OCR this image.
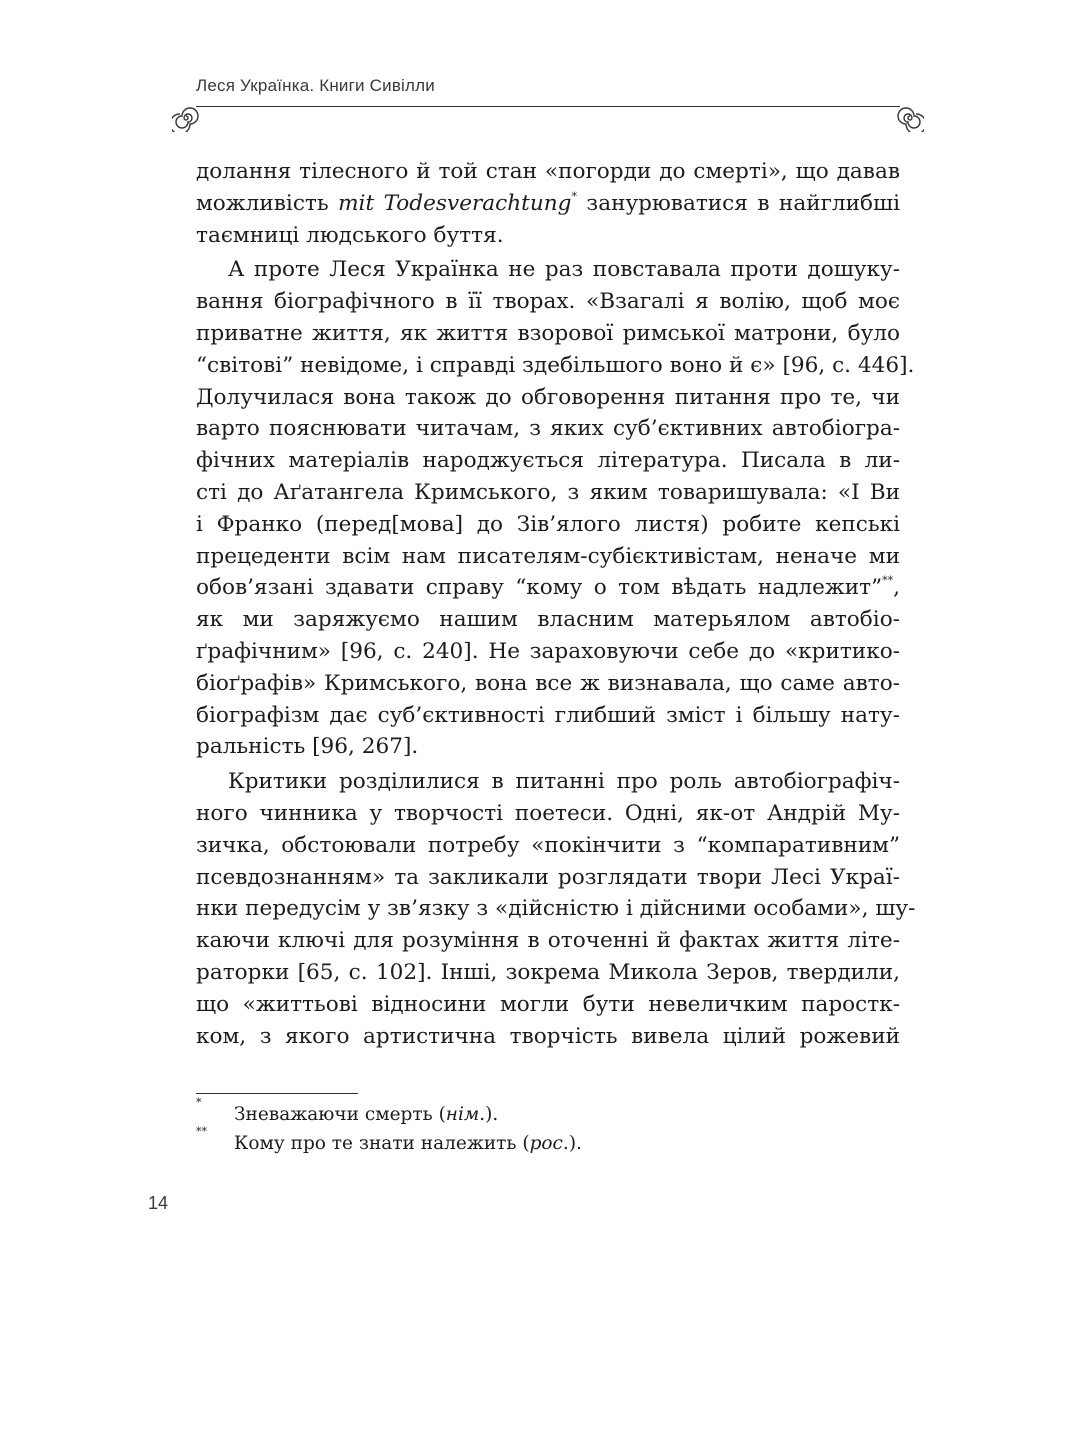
Леся Українка. Книги Сивілли
долання тілесного й той стан «погорди до смерті», що давав
можливість mit Todesverachtung* занурюватися в найглибші
таємниці людського буття.
А проте Леся Українка не раз повставала проти дошуку-
вання біографічного в її творах. «Взагалі я волію, щоб моє
приватне життя, як життя взорової римської матрони, було
“світові” невідоме, і справді здебільшого воно й є» [96, с. 446].
Долучилася вона також до обговорення питання про те, чи
варто пояснювати читачам, з яких суб’єктивних автобіогра-
фічних матеріалів народжується література. Писала в ли-
сті до Аґатангела Кримського, з яким товаришувала: «І Ви
і Франко (перед[мова] до Зів’ялого листя) робите кепські
прецеденти всім нам писателям-субієктивістам, неначе ми
обов’язані здавати справу “кому о том вѣдать надлежит”**,
як ми заряжуємо нашим власним матерьялом автобіо-
ґрафічним» [96, с. 240]. Не зараховуючи себе до «критико-
біоґрафів» Кримського, вона все ж визнавала, що саме авто-
біографізм дає суб’єктивності глибший зміст і більшу нату-
ральність [96, 267].
Критики розділилися в питанні про роль автобіографіч-
ного чинника у творчості поетеси. Одні, як-от Андрій Му-
зичка, обстоювали потребу «покінчити з “компаративним”
псевдознанням» та закликали розглядати твори Лесі Украї-
нки передусім у зв’язку з «дійсністю і дійсними особами», шу-
каючи ключі для розуміння в оточенні й фактах життя літе-
раторки [65, с. 102]. Інші, зокрема Микола Зеров, твердили,
що «життьові відносини могли бути невеличким паростк-
ком, з якого артистична творчість вивела цілий рожевий
*
Зневажаючи смерть (нім.).
**
Кому про те знати належить (рос.).
14
